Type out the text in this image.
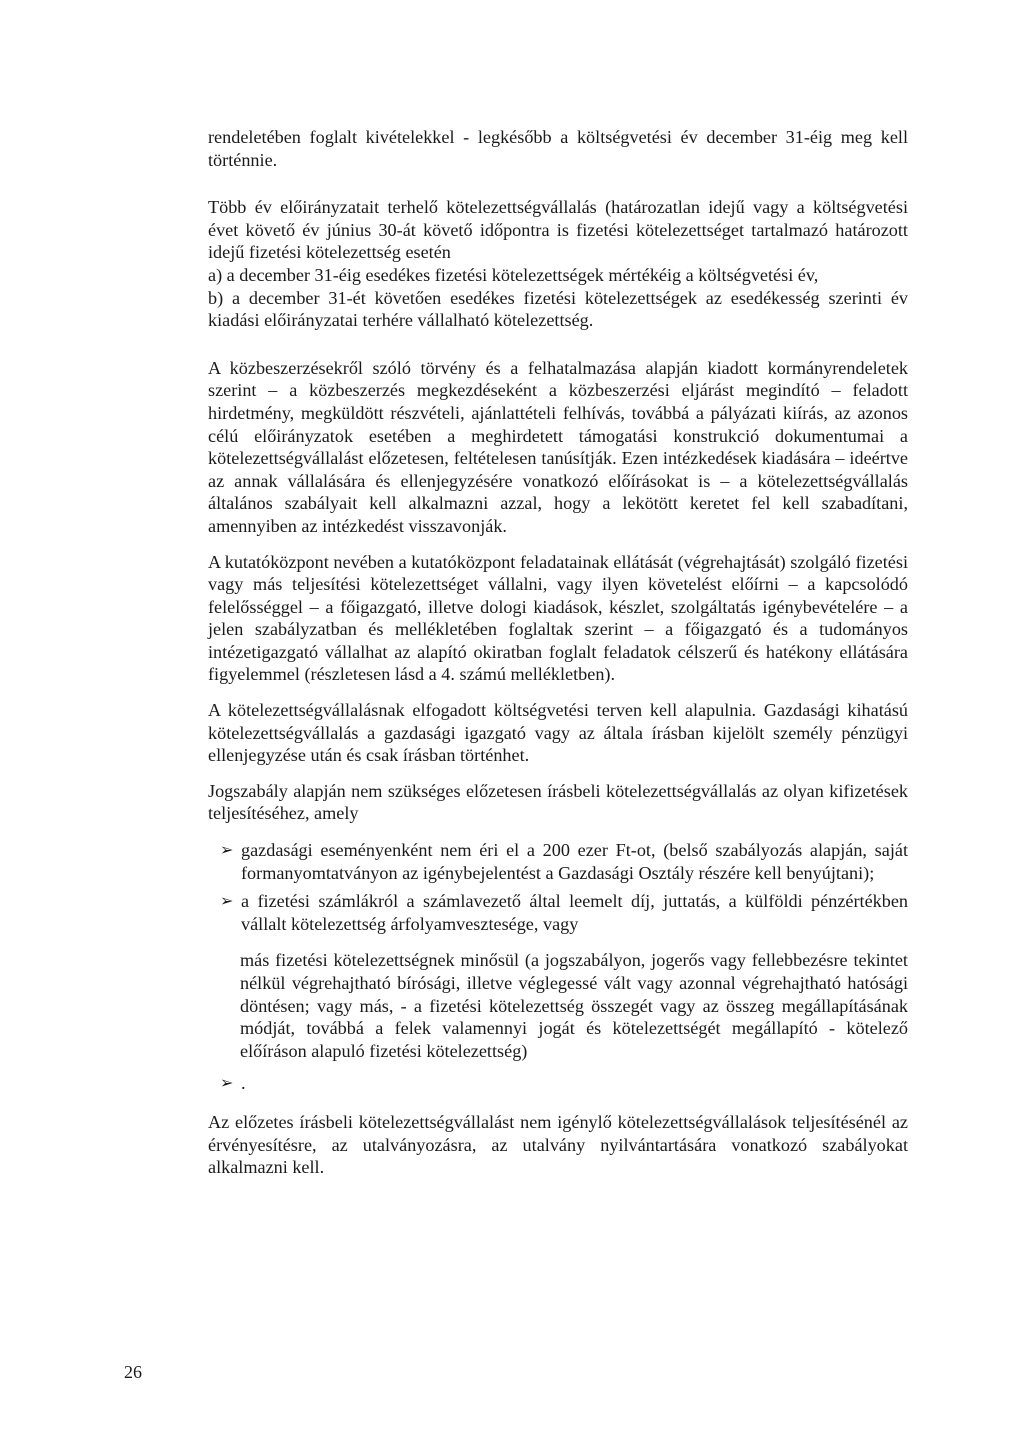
rendeletében foglalt kivételekkel - legkésőbb a költségvetési év december 31-éig meg kell történnie.

Több év előirányzatait terhelő kötelezettségvállalás (határozatlan idejű vagy a költségvetési évet követő év június 30-át követő időpontra is fizetési kötelezettséget tartalmazó határozott idejű fizetési kötelezettség esetén
a) a december 31-éig esedékes fizetési kötelezettségek mértékéig a költségvetési év,
b) a december 31-ét követően esedékes fizetési kötelezettségek az esedékesség szerinti év kiadási előirányzatai terhére vállalható kötelezettség.

A közbeszerzésekről szóló törvény és a felhatalmazása alapján kiadott kormányrendeletek szerint – a közbeszerzés megkezdéseként a közbeszerzési eljárást megindító – feladott hirdetmény, megküldött részvételi, ajánlattételi felhívás, továbbá a pályázati kiírás, az azonos célú előirányzatok esetében a meghirdetett támogatási konstrukció dokumentumai a kötelezettségvállalást előzetesen, feltételesen tanúsítják. Ezen intézkedések kiadására – ideértve az annak vállalására és ellenjegyzésére vonatkozó előírásokat is – a kötelezettségvállalás általános szabályait kell alkalmazni azzal, hogy a lekötött keretet fel kell szabadítani, amennyiben az intézkedést visszavonják.

A kutatóközpont nevében a kutatóközpont feladatainak ellátását (végrehajtását) szolgáló fizetési vagy más teljesítési kötelezettséget vállalni, vagy ilyen követelést előírni – a kapcsolódó felelősséggel – a főigazgató, illetve dologi kiadások, készlet, szolgáltatás igénybevételére – a jelen szabályzatban és mellékletében foglaltak szerint – a főigazgató és a tudományos intézetigazgató vállalhat az alapító okiratban foglalt feladatok célszerű és hatékony ellátására figyelemmel (részletesen lásd a 4. számú mellékletben).

A kötelezettségvállalásnak elfogadott költségvetési terven kell alapulnia. Gazdasági kihatású kötelezettségvállalás a gazdasági igazgató vagy az általa írásban kijelölt személy pénzügyi ellenjegyzése után és csak írásban történhet.

Jogszabály alapján nem szükséges előzetesen írásbeli kötelezettségvállalás az olyan kifizetések teljesítéséhez, amely

➢ gazdasági eseményenként nem éri el a 200 ezer Ft-ot, (belső szabályozás alapján, saját formanyomtatványon az igénybejelentést a Gazdasági Osztály részére kell benyújtani);
➢ a fizetési számlákról a számlavezető által leemelt díj, juttatás, a külföldi pénzértékben vállalt kötelezettség árfolyamvesztesége, vagy

más fizetési kötelezettségnek minősül (a jogszabályon, jogerős vagy fellebbezésre tekintet nélkül végrehajtható bírósági, illetve véglegessé vált vagy azonnal végrehajtható hatósági döntésen; vagy más, - a fizetési kötelezettség összegét vagy az összeg megállapításának módját, továbbá a felek valamennyi jogát és kötelezettségét megállapító - kötelező előíráson alapuló fizetési kötelezettség)

➢ .

Az előzetes írásbeli kötelezettségvállalást nem igénylő kötelezettségvállalások teljesítésénél az érvényesítésre, az utalványozásra, az utalvány nyilvántartására vonatkozó szabályokat alkalmazni kell.

26
